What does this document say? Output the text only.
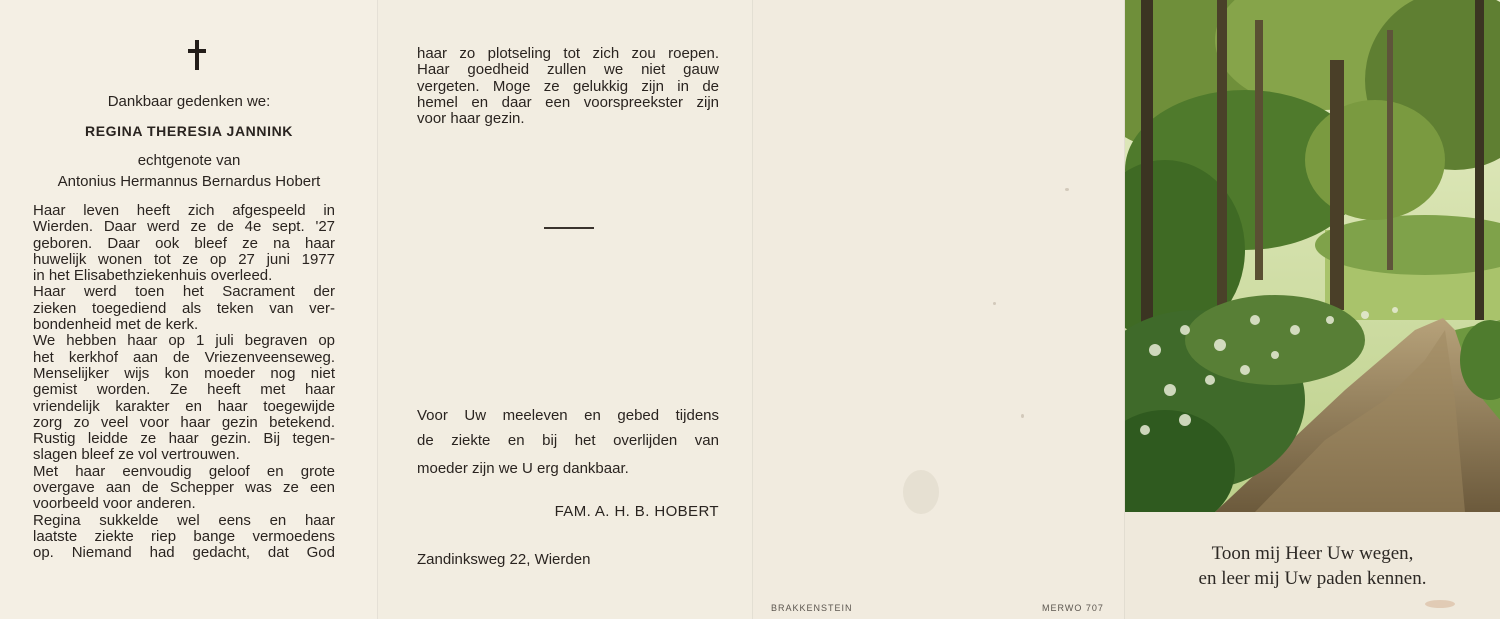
Dankbaar gedenken we:
REGINA THERESIA JANNINK
echtgenote van
Antonius Hermannus Bernardus Hobert
Haar leven heeft zich afgespeeld in
Wierden. Daar werd ze de 4e sept. '27
geboren. Daar ook bleef ze na haar
huwelijk wonen tot ze op 27 juni 1977
in het Elisabethziekenhuis overleed.
Haar werd toen het Sacrament der
zieken toegediend als teken van ver-
bondenheid met de kerk.
We hebben haar op 1 juli begraven op
het kerkhof aan de Vriezenveenseweg.
Menselijker wijs kon moeder nog niet
gemist worden. Ze heeft met haar
vriendelijk karakter en haar toegewijde
zorg zo veel voor haar gezin betekend.
Rustig leidde ze haar gezin. Bij tegen-
slagen bleef ze vol vertrouwen.
Met haar eenvoudig geloof en grote
overgave aan de Schepper was ze een
voorbeeld voor anderen.
Regina sukkelde wel eens en haar
laatste ziekte riep bange vermoedens
op. Niemand had gedacht, dat God
haar zo plotseling tot zich zou roepen.
Haar goedheid zullen we niet gauw
vergeten. Moge ze gelukkig zijn in de
hemel en daar een voorspreekster zijn
voor haar gezin.
Voor Uw meeleven en gebed tijdens
de ziekte en bij het overlijden van
moeder zijn we U erg dankbaar.
FAM. A. H. B. HOBERT
Zandinksweg 22, Wierden
BRAKKENSTEIN	MERWO 707
Toon mij Heer Uw wegen,
en leer mij Uw paden kennen.
